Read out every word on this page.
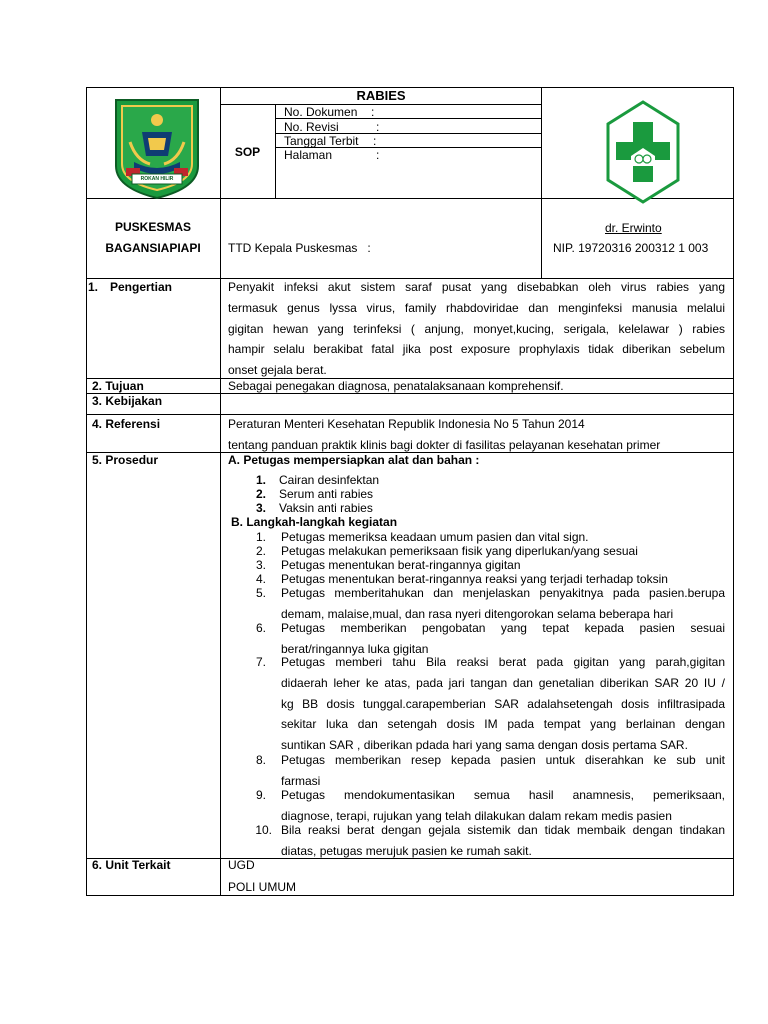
ROKAN HILIR
RABIES
SOP
No. Dokumen :
No. Revisi	:
Tanggal Terbit :
Halaman	:
PUSKESMAS
BAGANSIAPIAPI	TTD Kepala Puskesmas   :
dr. Erwinto
NIP. 19720316 200312 1 003
1. Pengertian	Penyakit infeksi akut sistem saraf pusat yang disebabkan oleh virus rabies yang
termasuk genus lyssa virus, family rhabdoviridae dan menginfeksi manusia melalui
gigitan hewan yang terinfeksi ( anjung, monyet,kucing, serigala, kelelawar ) rabies
hampir selalu berakibat fatal jika post exposure prophylaxis tidak diberikan sebelum
onset gejala berat.
2. Tujuan	Sebagai penegakan diagnosa, penatalaksanaan komprehensif.
3. Kebijakan
4. Referensi	Peraturan Menteri Kesehatan Republik Indonesia No 5 Tahun 2014
tentang panduan praktik klinis bagi dokter di fasilitas pelayanan kesehatan primer
5. Prosedur	A. Petugas mempersiapkan alat dan bahan :
1. Cairan desinfektan
2. Serum anti rabies
3. Vaksin anti rabies
B. Langkah-langkah kegiatan
1. Petugas memeriksa keadaan umum pasien dan vital sign.
2. Petugas melakukan pemeriksaan fisik yang diperlukan/yang sesuai
3. Petugas menentukan berat-ringannya gigitan
4. Petugas menentukan berat-ringannya reaksi yang terjadi terhadap toksin
5. Petugas memberitahukan dan menjelaskan penyakitnya pada pasien.berupa
demam, malaise,mual, dan rasa nyeri ditengorokan selama beberapa hari
6. Petugas memberikan pengobatan yang tepat kepada pasien sesuai
berat/ringannya luka gigitan
7. Petugas memberi tahu Bila reaksi berat pada gigitan yang parah,gigitan
didaerah leher ke atas, pada jari tangan dan genetalian diberikan SAR 20 IU /
kg BB dosis tunggal.carapemberian SAR adalahsetengah dosis infiltrasipada
sekitar luka dan setengah dosis IM pada tempat yang berlainan dengan
suntikan SAR , diberikan pdada hari yang sama dengan dosis pertama SAR.
8. Petugas memberikan resep kepada pasien untuk diserahkan ke sub unit
farmasi
9. Petugas mendokumentasikan semua hasil anamnesis, pemeriksaan,
diagnose, terapi, rujukan yang telah dilakukan dalam rekam medis pasien
10. Bila reaksi berat dengan gejala sistemik dan tidak membaik dengan tindakan
diatas, petugas merujuk pasien ke rumah sakit.
6. Unit Terkait	UGD
POLI UMUM
